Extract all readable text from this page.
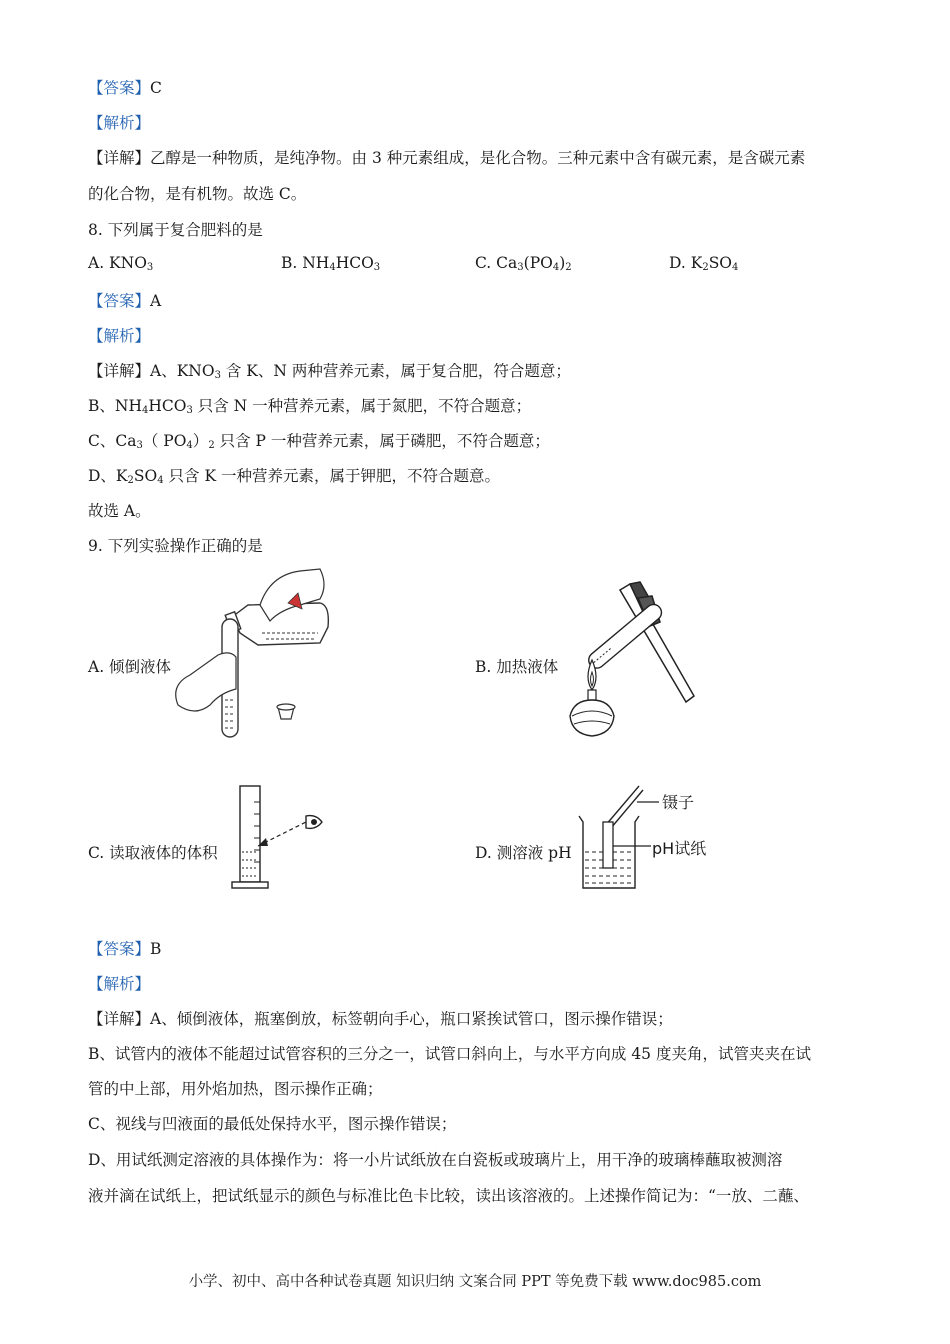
【答案】C
【解析】
【详解】乙醇是一种物质，是纯净物。由 3 种元素组成，是化合物。三种元素中含有碳元素，是含碳元素
的化合物，是有机物。故选 C。
8. 下列属于复合肥料的是
A. $KNO_3$	B. $NH_4HCO_3$	C. $Ca_3(PO_4)_2$	D. $K_2SO_4$
【答案】A
【解析】
【详解】A、$KNO_3$ 含 K、N 两种营养元素，属于复合肥，符合题意；
B、$NH_4HCO_3$ 只含 N 一种营养元素，属于氮肥，不符合题意；
C、$Ca_3$（ $PO_4)_2$ 只含 P 一种营养元素，属于磷肥，不符合题意；
D、$K_2SO_4$ 只含 K 一种营养元素，属于钾肥，不符合题意。
故选 A。
9. 下列实验操作正确的是
A. 倾倒液体	B. 加热液体
C. 读取液体的体积
镊子
pH试纸
D. 测溶液 pH
【答案】B
【解析】
【详解】A、倾倒液体，瓶塞倒放，标签朝向手心，瓶口紧挨试管口，图示操作错误；
B、试管内的液体不能超过试管容积的三分之一，试管口斜向上，与水平方向成 45 度夹角，试管夹夹在试
管的中上部，用外焰加热，图示操作正确；
C、视线与凹液面的最低处保持水平，图示操作错误；
D、用试纸测定溶液的具体操作为：将一小片试纸放在白瓷板或玻璃片上，用干净的玻璃棒蘸取被测溶
液并滴在试纸上，把试纸显示的颜色与标准比色卡比较，读出该溶液的。上述操作简记为：“一放、二蘸、
小学、初中、高中各种试卷真题 知识归纳 文案合同 PPT 等免费下载 www.doc985.com
